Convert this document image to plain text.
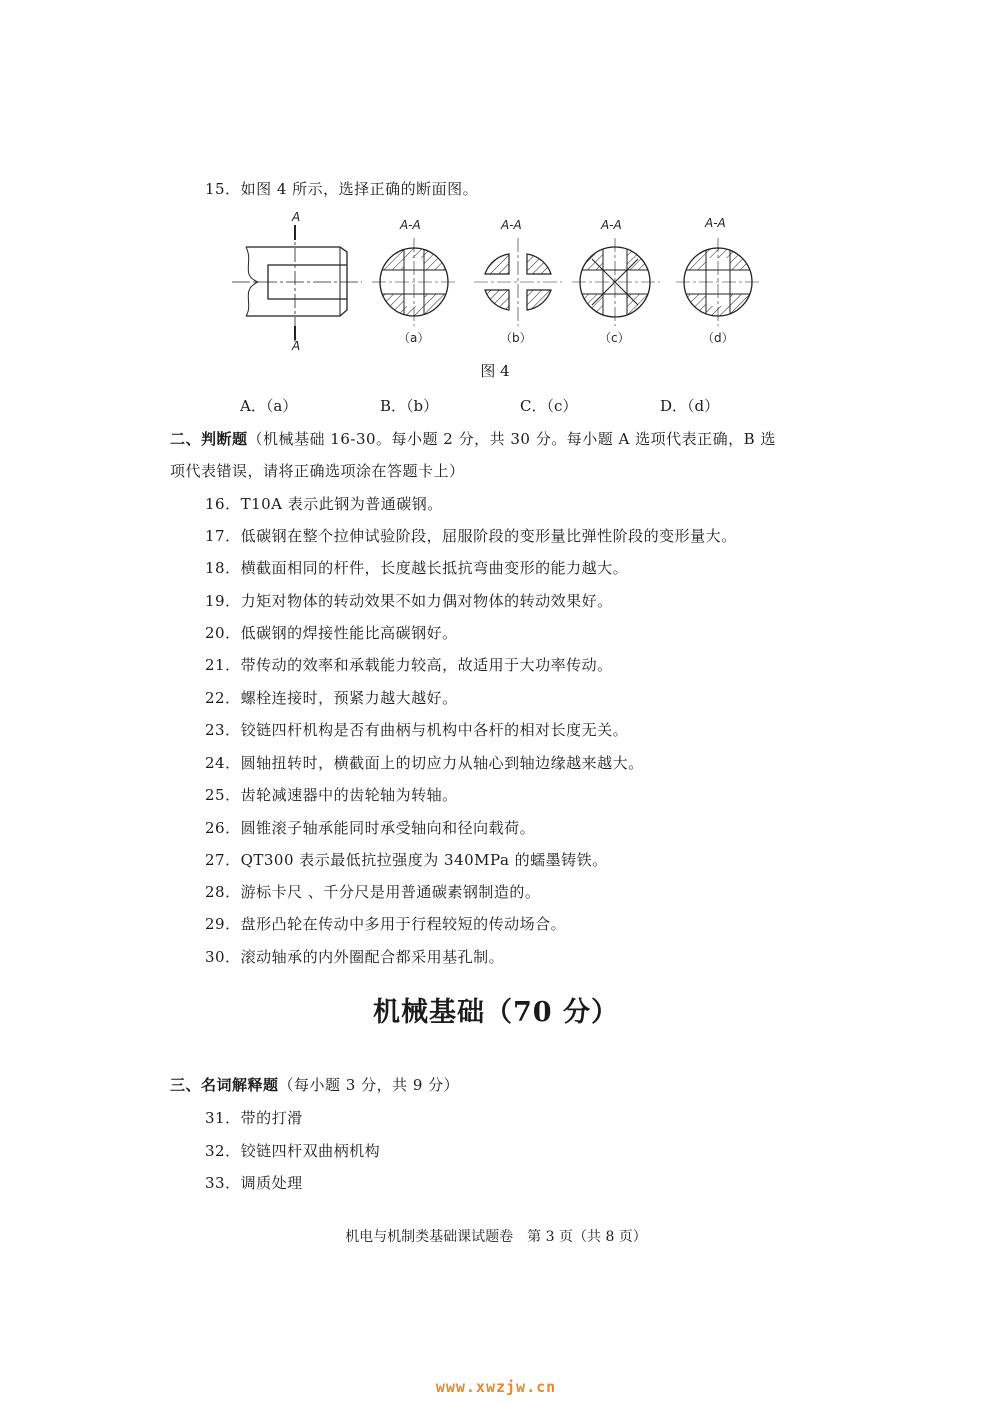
15．如图 4 所示，选择正确的断面图。
A
A
A-A
（a）
A-A
（b）
A-A
（c）
A-A
（d）
图 4
A．（a）	B．（b）	C．（c）	D．（d）
二、判断题（机械基础 16-30。每小题 2 分，共 30 分。每小题 A 选项代表正确，B 选
项代表错误，请将正确选项涂在答题卡上）
16．T10A 表示此钢为普通碳钢。
17．低碳钢在整个拉伸试验阶段，屈服阶段的变形量比弹性阶段的变形量大。
18．横截面相同的杆件，长度越长抵抗弯曲变形的能力越大。
19．力矩对物体的转动效果不如力偶对物体的转动效果好。
20．低碳钢的焊接性能比高碳钢好。
21．带传动的效率和承载能力较高，故适用于大功率传动。
22．螺栓连接时，预紧力越大越好。
23．铰链四杆机构是否有曲柄与机构中各杆的相对长度无关。
24．圆轴扭转时，横截面上的切应力从轴心到轴边缘越来越大。
25．齿轮减速器中的齿轮轴为转轴。
26．圆锥滚子轴承能同时承受轴向和径向载荷。
27．QT300 表示最低抗拉强度为 340MPa 的蠕墨铸铁。
28．游标卡尺 、千分尺是用普通碳素钢制造的。
29．盘形凸轮在传动中多用于行程较短的传动场合。
30．滚动轴承的内外圈配合都采用基孔制。
机械基础（70 分）
三、名词解释题（每小题 3 分，共 9 分）
31．带的打滑
32．铰链四杆双曲柄机构
33．调质处理
机电与机制类基础课试题卷　第 3 页（共 8 页）
www.xwzjw.cn
